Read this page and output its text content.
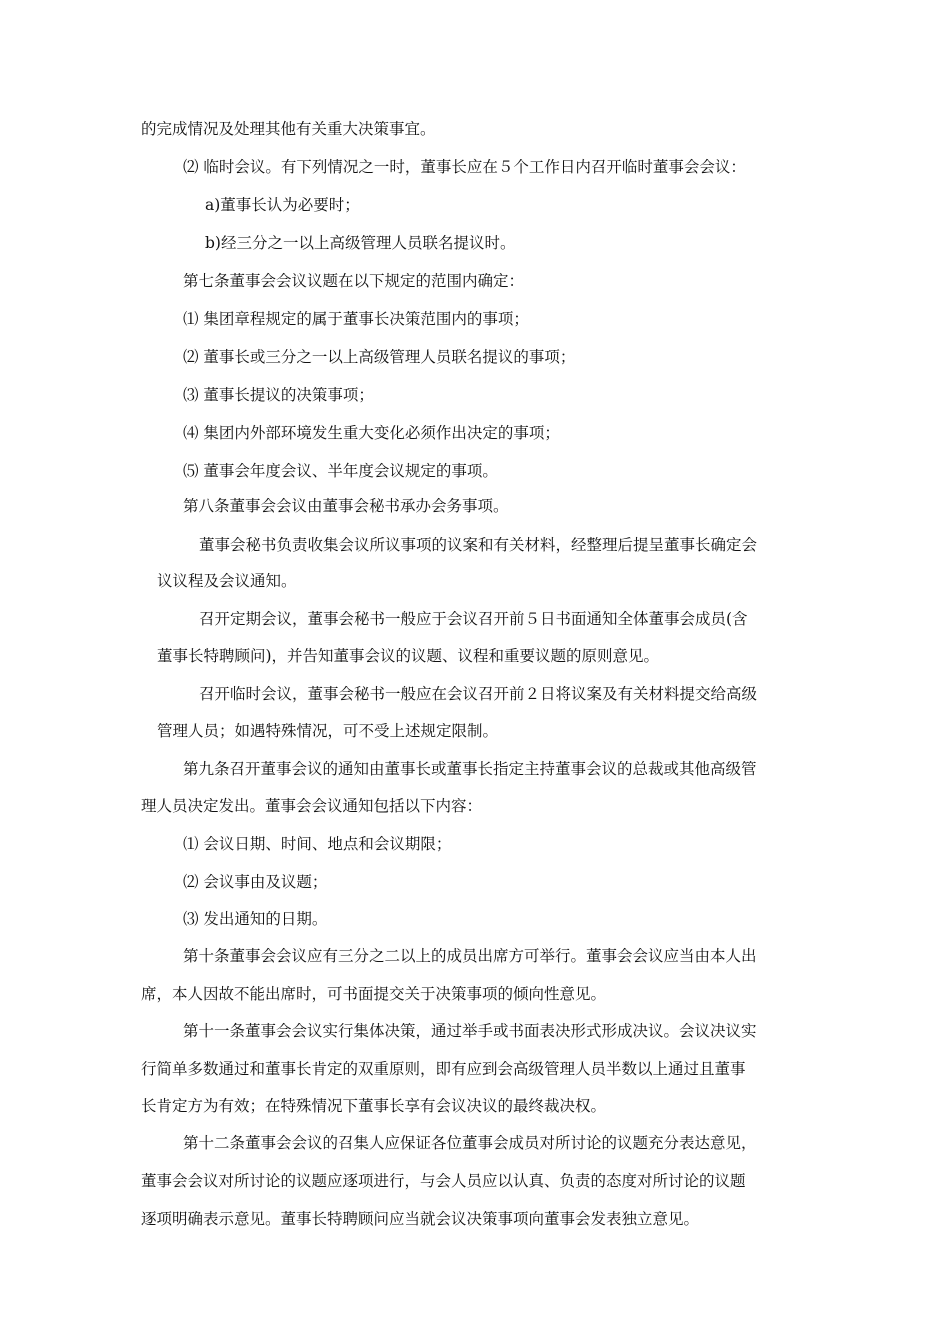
的完成情况及处理其他有关重大决策事宜。

⑵ 临时会议。有下列情况之一时，董事长应在５个工作日内召开临时董事会会议：

a)董事长认为必要时；

b)经三分之一以上高级管理人员联名提议时。

第七条董事会会议议题在以下规定的范围内确定：

⑴ 集团章程规定的属于董事长决策范围内的事项；

⑵ 董事长或三分之一以上高级管理人员联名提议的事项；

⑶ 董事长提议的决策事项；

⑷ 集团内外部环境发生重大变化必须作出决定的事项；

⑸ 董事会年度会议、半年度会议规定的事项。

第八条董事会会议由董事会秘书承办会务事项。

董事会秘书负责收集会议所议事项的议案和有关材料，经整理后提呈董事长确定会

议议程及会议通知。

召开定期会议，董事会秘书一般应于会议召开前５日书面通知全体董事会成员(含

董事长特聘顾问)，并告知董事会议的议题、议程和重要议题的原则意见。

召开临时会议，董事会秘书一般应在会议召开前２日将议案及有关材料提交给高级

管理人员；如遇特殊情况，可不受上述规定限制。

第九条召开董事会议的通知由董事长或董事长指定主持董事会议的总裁或其他高级管

理人员决定发出。董事会会议通知包括以下内容：

⑴ 会议日期、时间、地点和会议期限；

⑵ 会议事由及议题；

⑶ 发出通知的日期。

第十条董事会会议应有三分之二以上的成员出席方可举行。董事会会议应当由本人出

席，本人因故不能出席时，可书面提交关于决策事项的倾向性意见。

第十一条董事会会议实行集体决策，通过举手或书面表决形式形成决议。会议决议实

行简单多数通过和董事长肯定的双重原则，即有应到会高级管理人员半数以上通过且董事

长肯定方为有效；在特殊情况下董事长享有会议决议的最终裁决权。

第十二条董事会会议的召集人应保证各位董事会成员对所讨论的议题充分表达意见，

董事会会议对所讨论的议题应逐项进行，与会人员应以认真、负责的态度对所讨论的议题

逐项明确表示意见。董事长特聘顾问应当就会议决策事项向董事会发表独立意见。
